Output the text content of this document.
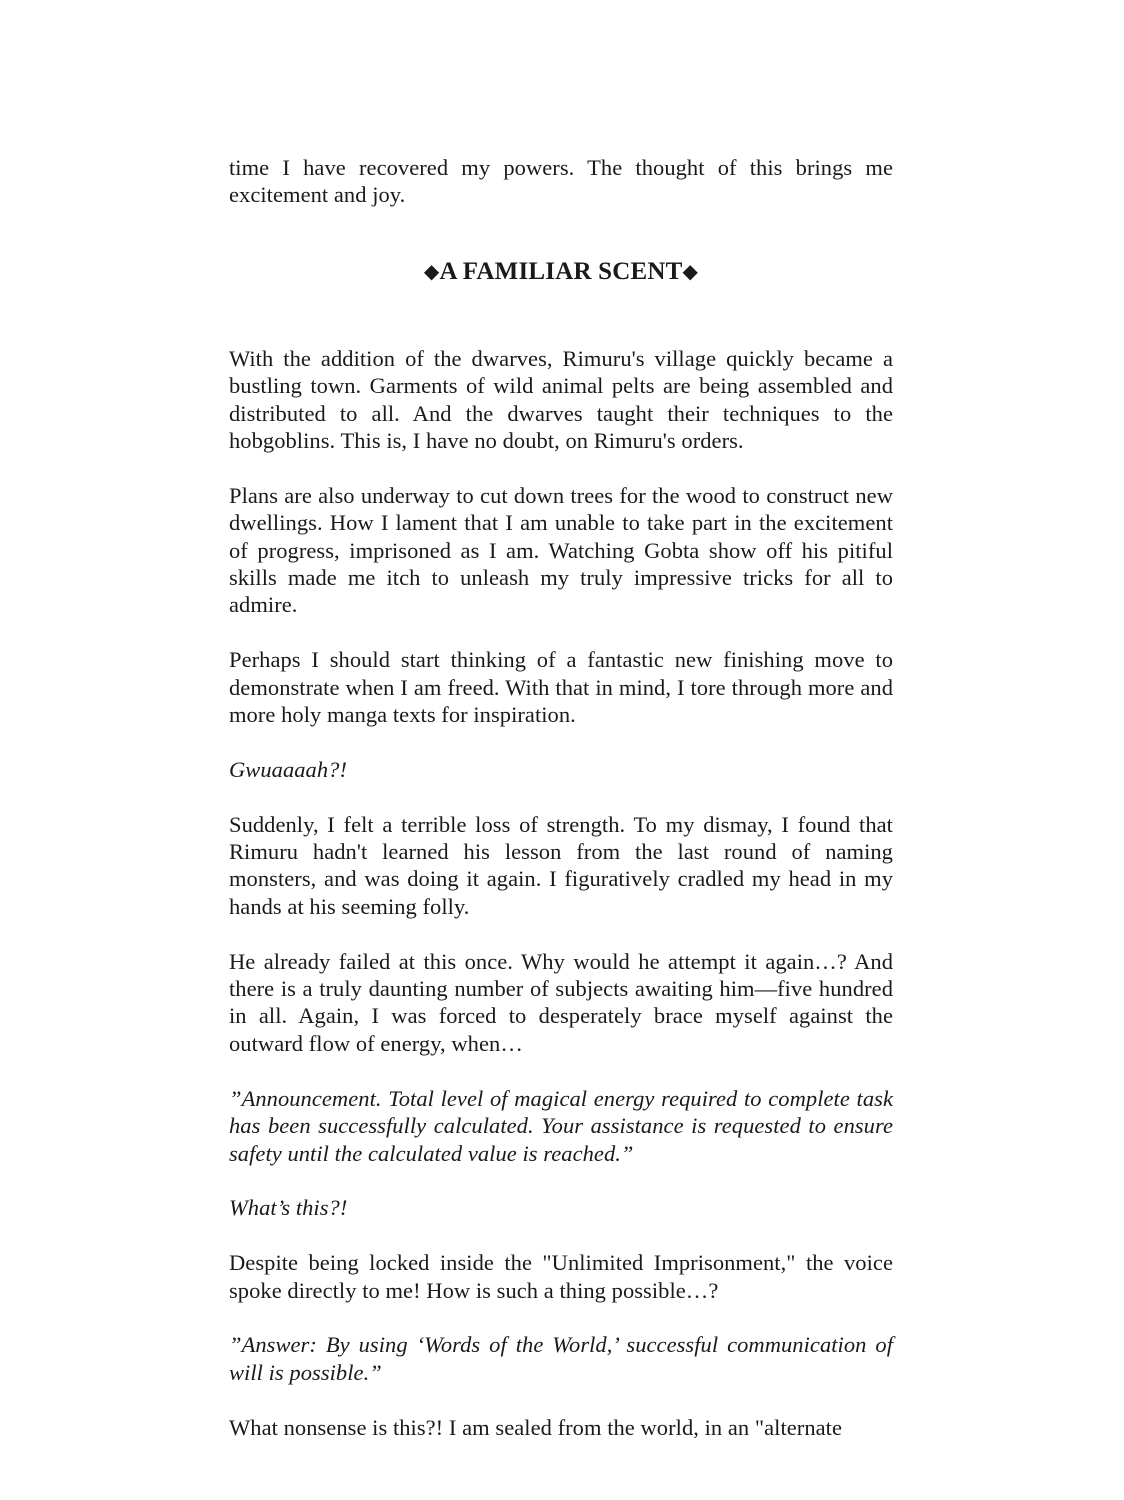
time I have recovered my powers. The thought of this brings me excitement and joy.

◆A FAMILIAR SCENT◆

With the addition of the dwarves, Rimuru's village quickly became a bustling town. Garments of wild animal pelts are being assembled and distributed to all. And the dwarves taught their techniques to the hobgoblins. This is, I have no doubt, on Rimuru's orders.

Plans are also underway to cut down trees for the wood to construct new dwellings. How I lament that I am unable to take part in the excitement of progress, imprisoned as I am. Watching Gobta show off his pitiful skills made me itch to unleash my truly impressive tricks for all to admire.

Perhaps I should start thinking of a fantastic new finishing move to demonstrate when I am freed. With that in mind, I tore through more and more holy manga texts for inspiration.

Gwuaaaah?!

Suddenly, I felt a terrible loss of strength. To my dismay, I found that Rimuru hadn't learned his lesson from the last round of naming monsters, and was doing it again. I figuratively cradled my head in my hands at his seeming folly.

He already failed at this once. Why would he attempt it again…? And there is a truly daunting number of subjects awaiting him—five hundred in all. Again, I was forced to desperately brace myself against the outward flow of energy, when…

”Announcement. Total level of magical energy required to complete task has been successfully calculated. Your assistance is requested to ensure safety until the calculated value is reached.”

What’s this?!

Despite being locked inside the "Unlimited Imprisonment," the voice spoke directly to me! How is such a thing possible…?

”Answer: By using ‘Words of the World,’ successful communication of will is possible.”

What nonsense is this?! I am sealed from the world, in an "alternate
